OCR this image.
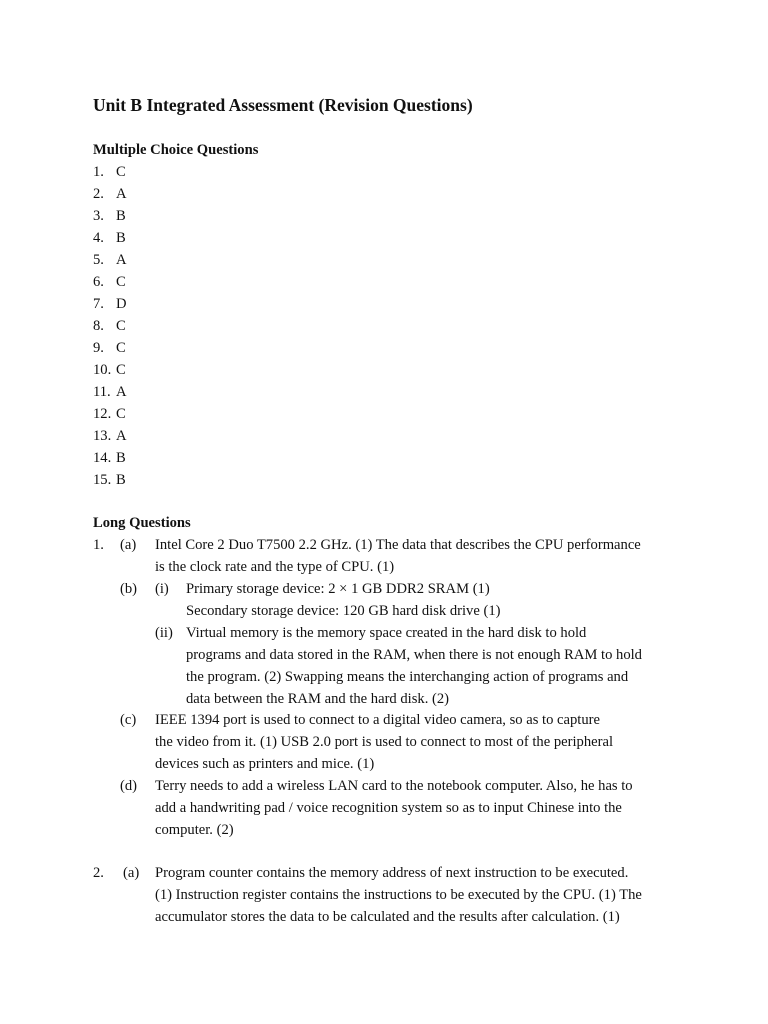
Unit B Integrated Assessment (Revision Questions)
Multiple Choice Questions
1. C
2. A
3. B
4. B
5. A
6. C
7. D
8. C
9. C
10. C
11. A
12. C
13. A
14. B
15. B
Long Questions
1. (a) Intel Core 2 Duo T7500 2.2 GHz. (1) The data that describes the CPU performance
is the clock rate and the type of CPU. (1)
(b) (i) Primary storage device: 2 × 1 GB DDR2 SRAM (1)
Secondary storage device: 120 GB hard disk drive (1)
(ii) Virtual memory is the memory space created in the hard disk to hold
programs and data stored in the RAM, when there is not enough RAM to hold
the program. (2) Swapping means the interchanging action of programs and
data between the RAM and the hard disk. (2)
(c) IEEE 1394 port is used to connect to a digital video camera, so as to capture
the video from it. (1) USB 2.0 port is used to connect to most of the peripheral
devices such as printers and mice. (1)
(d) Terry needs to add a wireless LAN card to the notebook computer. Also, he has to
add a handwriting pad / voice recognition system so as to input Chinese into the
computer. (2)
2. (a) Program counter contains the memory address of next instruction to be executed.
(1) Instruction register contains the instructions to be executed by the CPU. (1) The
accumulator stores the data to be calculated and the results after calculation. (1)
